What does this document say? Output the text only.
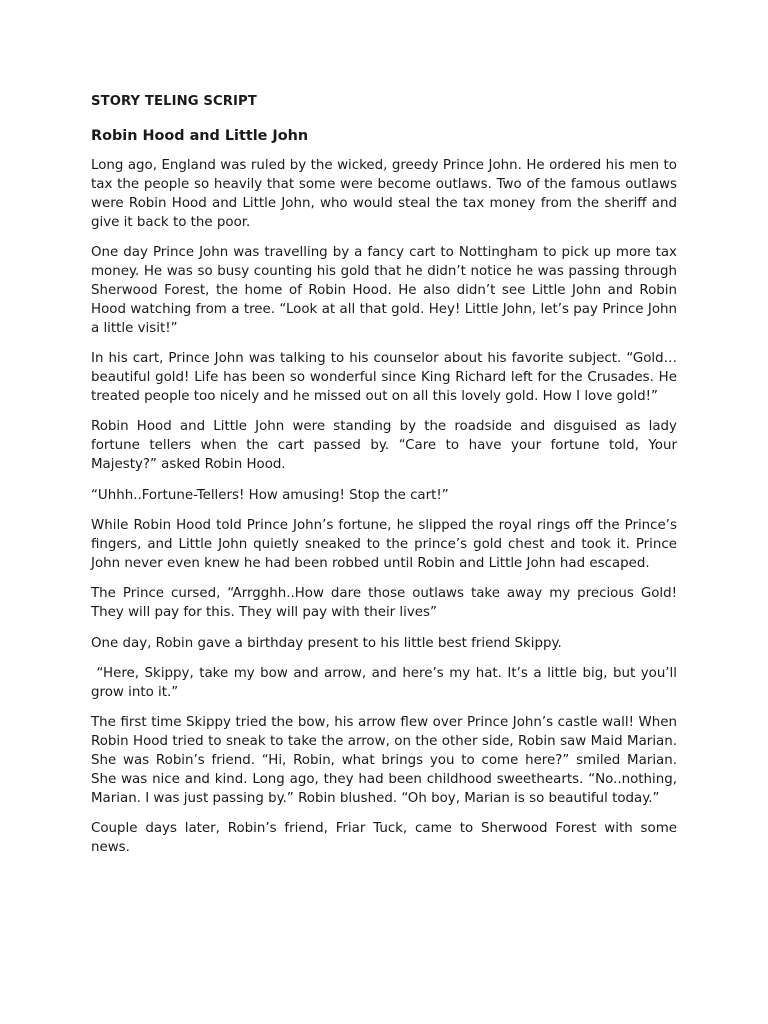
STORY TELING SCRIPT

Robin Hood and Little John

Long ago, England was ruled by the wicked, greedy Prince John. He ordered his men to tax the people so heavily that some were become outlaws. Two of the famous outlaws were Robin Hood and Little John, who would steal the tax money from the sheriff and give it back to the poor.

One day Prince John was travelling by a fancy cart to Nottingham to pick up more tax money. He was so busy counting his gold that he didn’t notice he was passing through Sherwood Forest, the home of Robin Hood. He also didn’t see Little John and Robin Hood watching from a tree. “Look at all that gold. Hey! Little John, let’s pay Prince John a little visit!”

In his cart, Prince John was talking to his counselor about his favorite subject. “Gold…beautiful gold! Life has been so wonderful since King Richard left for the Crusades. He treated people too nicely and he missed out on all this lovely gold. How I love gold!”

Robin Hood and Little John were standing by the roadside and disguised as lady fortune tellers when the cart passed by. “Care to have your fortune told, Your Majesty?” asked Robin Hood.

“Uhhh..Fortune-Tellers! How amusing! Stop the cart!”

While Robin Hood told Prince John’s fortune, he slipped the royal rings off the Prince’s fingers, and Little John quietly sneaked to the prince’s gold chest and took it. Prince John never even knew he had been robbed until Robin and Little John had escaped.

The Prince cursed, “Arrgghh..How dare those outlaws take away my precious Gold! They will pay for this. They will pay with their lives”

One day, Robin gave a birthday present to his little best friend Skippy.

“Here, Skippy, take my bow and arrow, and here’s my hat. It’s a little big, but you’ll grow into it.”

The first time Skippy tried the bow, his arrow flew over Prince John’s castle wall! When Robin Hood tried to sneak to take the arrow, on the other side, Robin saw Maid Marian. She was Robin’s friend. “Hi, Robin, what brings you to come here?” smiled Marian.  She was nice and kind. Long ago, they had been childhood sweethearts. “No..nothing, Marian. I was just passing by.” Robin blushed. “Oh boy, Marian is so beautiful today.”

Couple days later, Robin’s friend, Friar Tuck, came to Sherwood Forest with some news.
